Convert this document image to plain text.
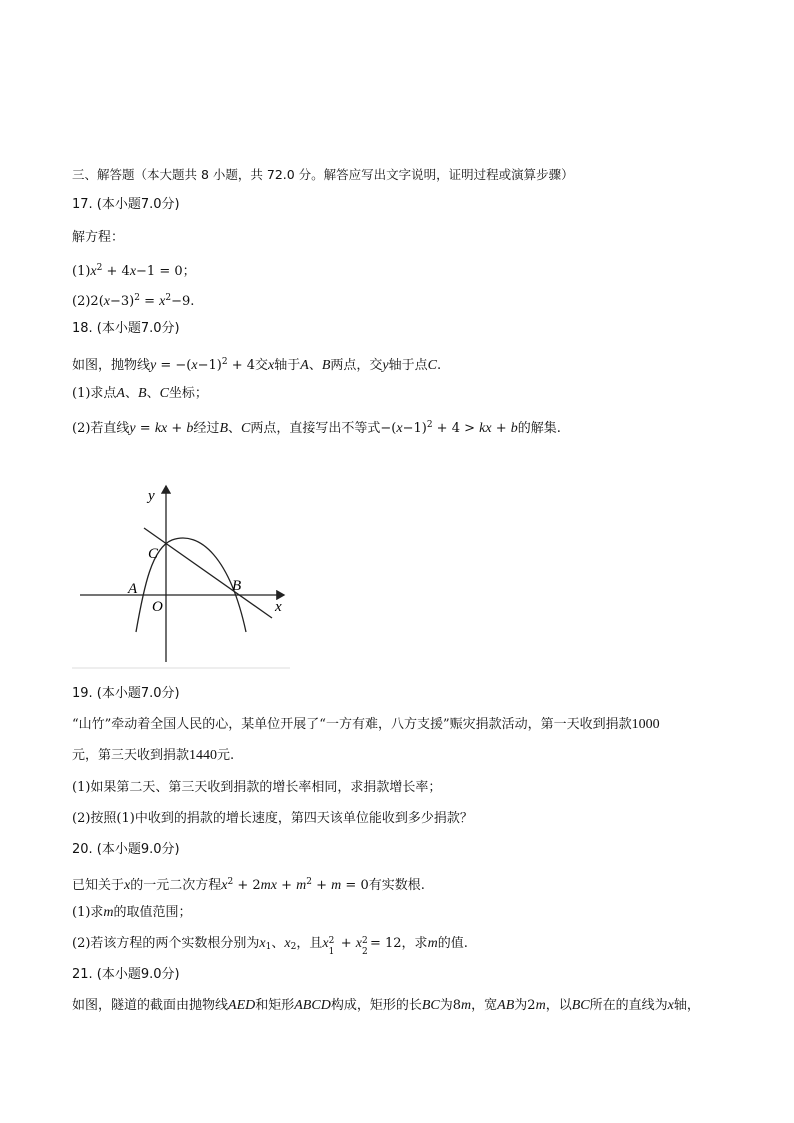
三、解答题（本大题共 8 小题，共 72.0 分。解答应写出文字说明，证明过程或演算步骤）
17. (本小题7.0分)
解方程：
$(1)x^2 + 4x-1 = 0$；
$(2)2(x-3)^2 = x^2-9$.
18. (本小题7.0分)
如图，抛物线$y = -(x-1)^2 + 4$交x轴于A、B两点，交y轴于点C.
(1)求点A、B、C坐标；
(2)若直线y = kx + b经过B、C两点，直接写出不等式$-(x-1)^2 + 4$ > kx + b的解集.
y
x
C
A	B
O
19. (本小题7.0分)
“山竹”牵动着全国人民的心，某单位开展了“一方有难，八方支援”赈灾捐款活动，第一天收到捐款1000
元，第三天收到捐款1440元.
(1)如果第二天、第三天收到捐款的增长率相同，求捐款增长率；
(2)按照(1)中收到的捐款的增长速度，第四天该单位能收到多少捐款？
20. (本小题9.0分)
已知关于x的一元二次方程$x^2 + 2mx + m^2 + m = 0$有实数根.
(1)求m的取值范围；
(2)若该方程的两个实数根分别为$x_1$、$x_2$，且x 2
1
+ x 2
2
= 12，求m的值.
21. (本小题9.0分)
如图，隧道的截面由抛物线AED和矩形ABCD构成，矩形的长BC为8m，宽AB为2m，以BC所在的直线为x轴，
